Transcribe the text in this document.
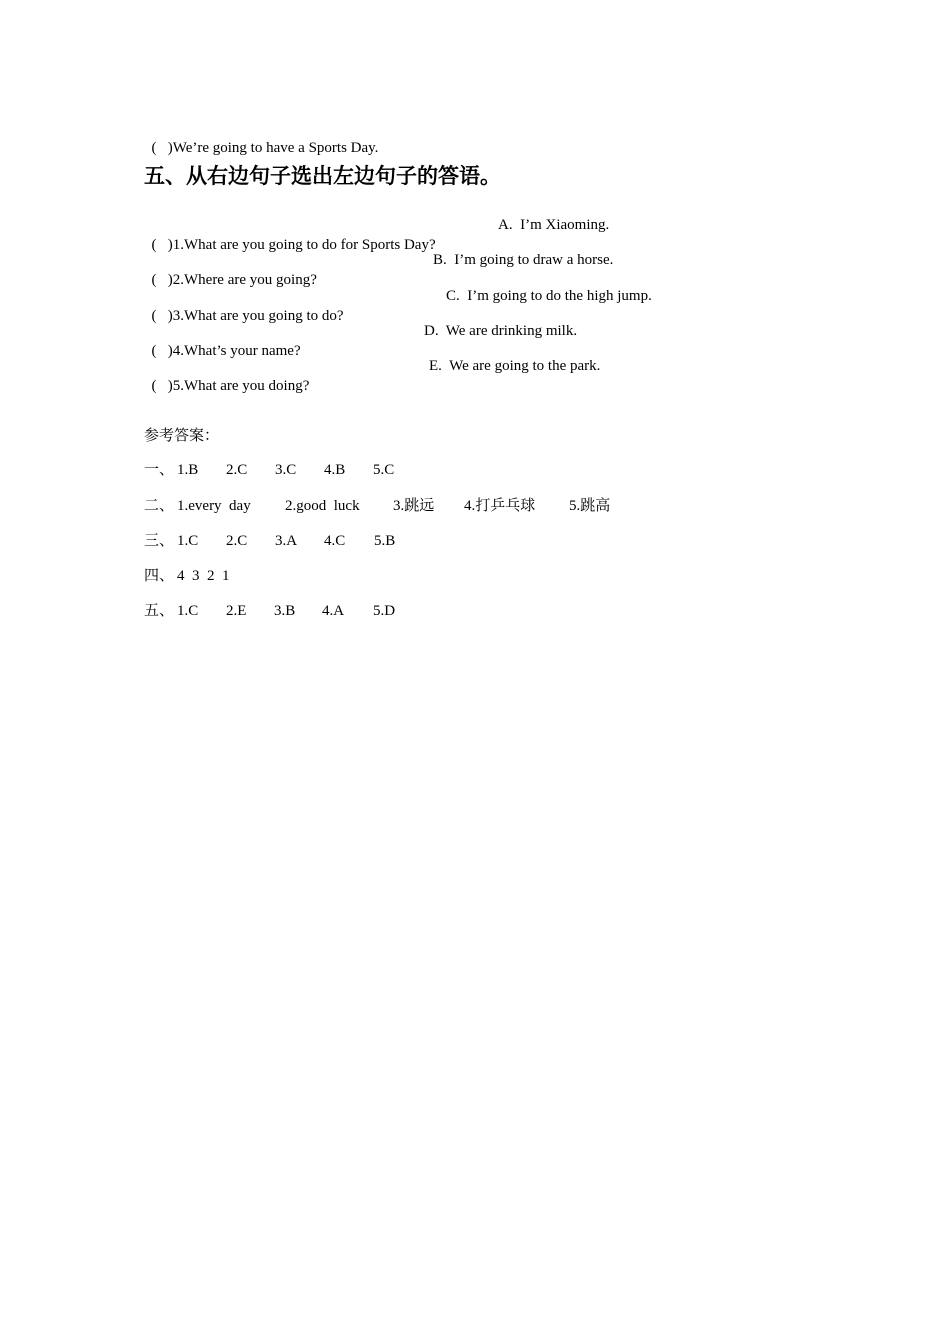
(   )We’re going to have a Sports Day.

五、从右边句子选出左边句子的答语。

(   )1.What are you going to do for Sports Day?

(   )2.Where are you going?

(   )3.What are you going to do?

(   )4.What’s your name?

(   )5.What are you doing?

A.  I’m Xiaoming.
B.  I’m going to draw a horse.
C.  I’m going to do the high jump.
D.  We are drinking milk.
E.  We are going to the park.
参考答案：
一、 1.B 2.C 3.C 4.B 5.C
二、 1.every  day 2.good  luck 3.跳远 4.打乒乓球 5.跳高
三、 1.C 2.C 3.A 4.C 5.B
四、 4  3  2  1
五、 1.C 2.E 3.B 4.A 5.D
